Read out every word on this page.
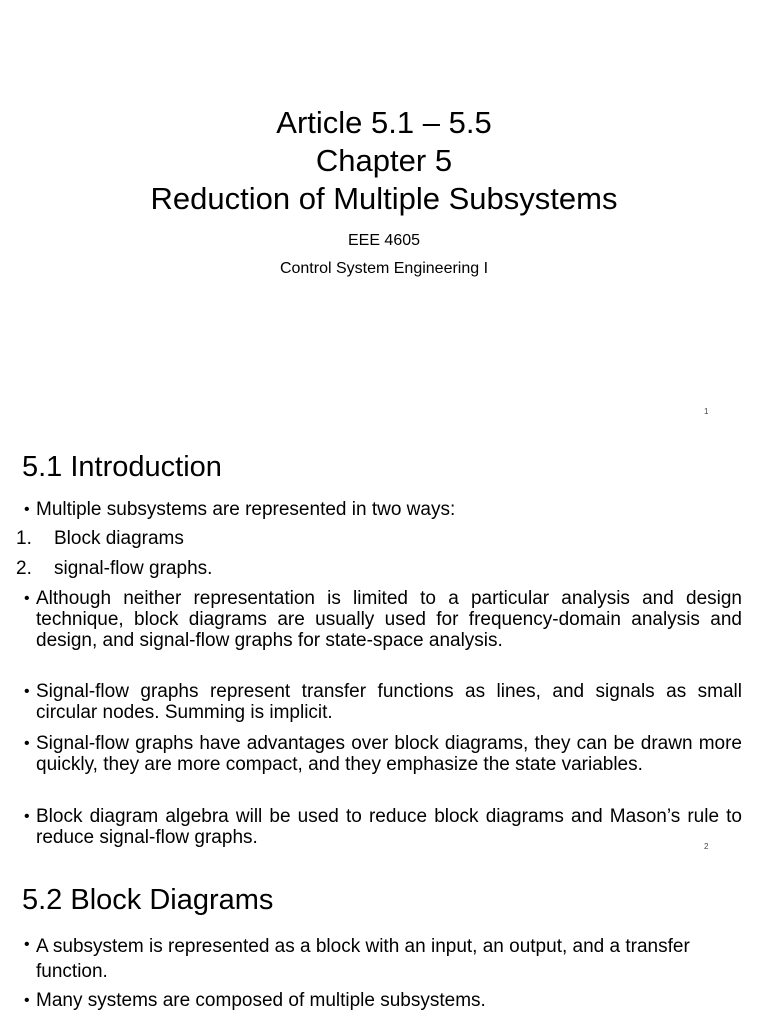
Article 5.1 – 5.5
Chapter 5
Reduction of Multiple Subsystems
EEE 4605
Control System Engineering I
1
5.1 Introduction
• Multiple subsystems are represented in two ways:
1. Block diagrams
2. signal-flow graphs.
• Although neither representation is limited to a particular analysis and design technique, block diagrams are usually used for frequency-domain analysis and design, and signal-flow graphs for state-space analysis.
• Signal-flow graphs represent transfer functions as lines, and signals as small circular nodes. Summing is implicit.
• Signal-flow graphs have advantages over block diagrams, they can be drawn more quickly, they are more compact, and they emphasize the state variables.
• Block diagram algebra will be used to reduce block diagrams and Mason’s rule to reduce signal-flow graphs.	2
5.2 Block Diagrams
• A subsystem is represented as a block with an input, an output, and a transfer function.
• Many systems are composed of multiple subsystems.
